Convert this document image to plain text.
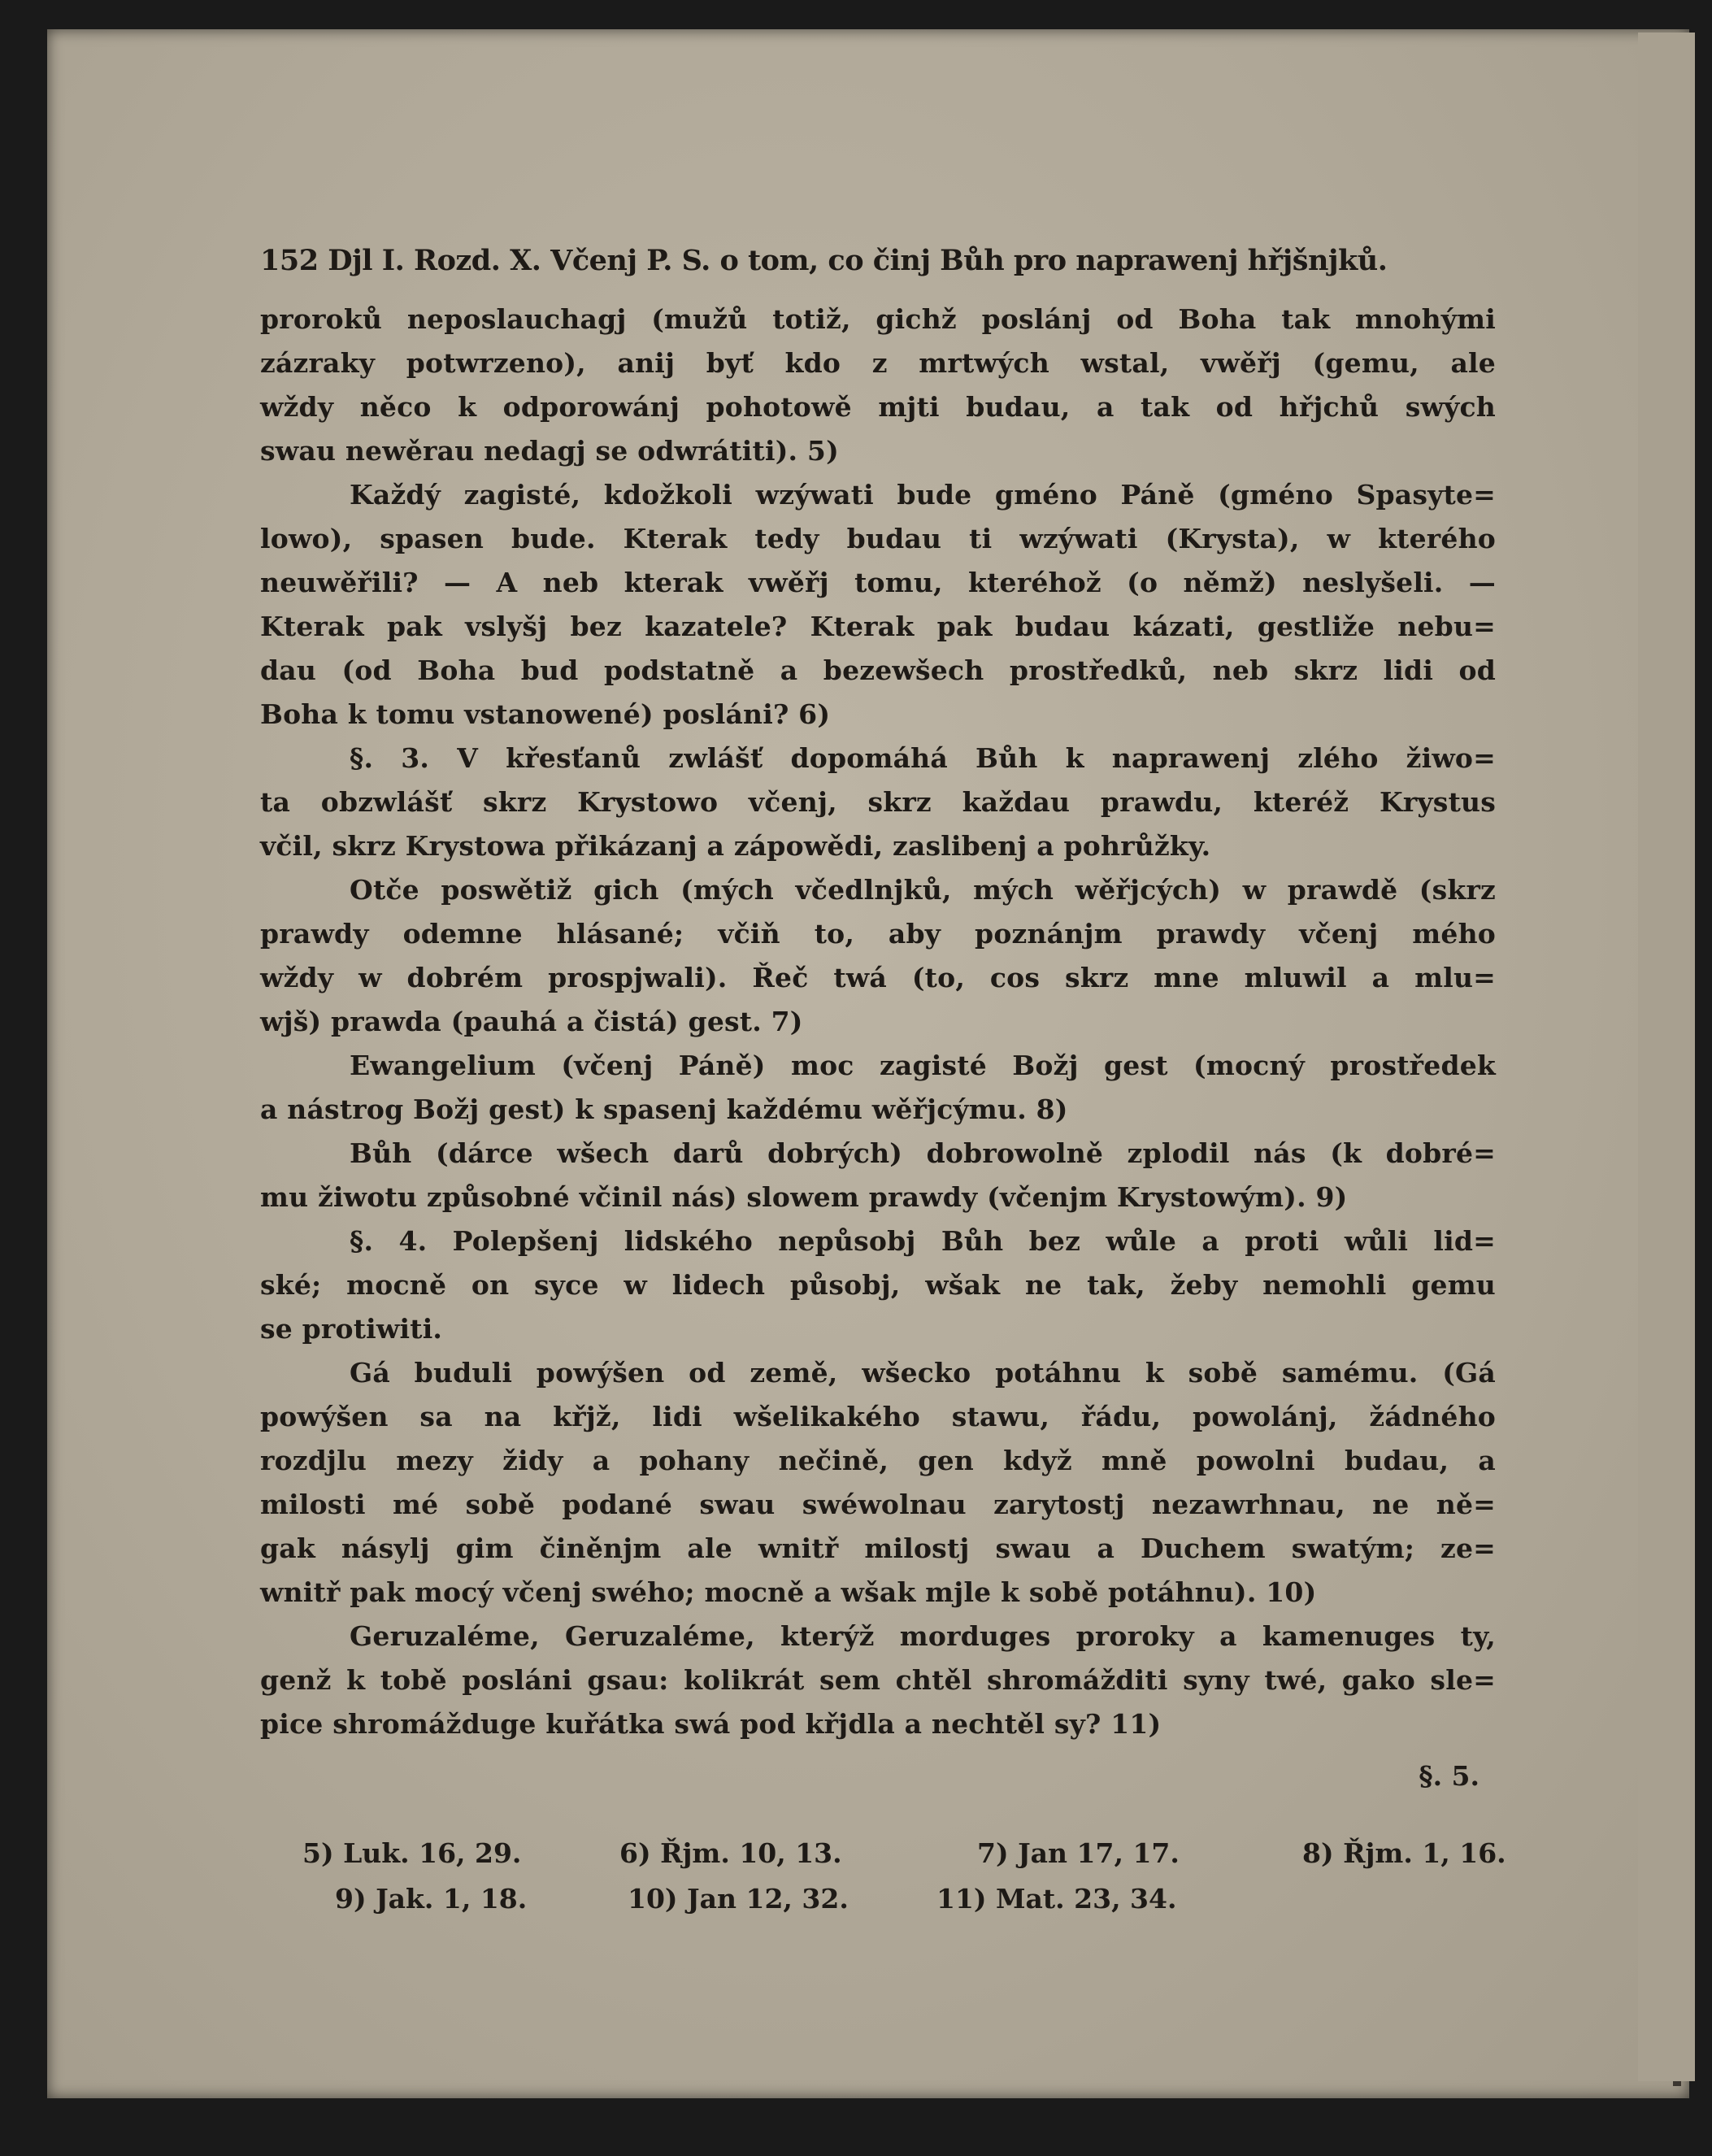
152 Djl I. Rozd. X. Včenj P. S. o tom, co činj Bůh pro naprawenj hřjšnjků.
proroků neposlauchagj (mužů totiž, gichž poslánj od Boha tak mnohými
zázraky potwrzeno), anij byť kdo z mrtwých wstal, vwěřj (gemu, ale
wždy něco k odporowánj pohotowě mjti budau, a tak od hřjchů swých
swau newěrau nedagj se odwrátiti). 5)
Každý zagisté, kdožkoli wzýwati bude gméno Páně (gméno Spasyte=
lowo), spasen bude. Kterak tedy budau ti wzýwati (Krysta), w kterého
neuwěřili? — A neb kterak vwěřj tomu, kteréhož (o němž) neslyšeli. —
Kterak pak vslyšj bez kazatele? Kterak pak budau kázati, gestliže nebu=
dau (od Boha bud podstatně a bezewšech prostředků, neb skrz lidi od
Boha k tomu vstanowené) posláni? 6)
§. 3. V křesťanů zwlášť dopomáhá Bůh k naprawenj zlého žiwo=
ta obzwlášť skrz Krystowo včenj, skrz každau prawdu, kteréž Krystus
včil, skrz Krystowa přikázanj a zápowědi, zaslibenj a pohrůžky.
Otče poswětiž gich (mých včedlnjků, mých wěřjcých) w prawdě (skrz
prawdy odemne hlásané; včiň to, aby poznánjm prawdy včenj mého
wždy w dobrém prospjwali). Řeč twá (to, cos skrz mne mluwil a mlu=
wjš) prawda (pauhá a čistá) gest. 7)
Ewangelium (včenj Páně) moc zagisté Božj gest (mocný prostředek
a nástrog Božj gest) k spasenj každému wěřjcýmu. 8)
Bůh (dárce wšech darů dobrých) dobrowolně zplodil nás (k dobré=
mu žiwotu způsobné včinil nás) slowem prawdy (včenjm Krystowým). 9)
§. 4. Polepšenj lidského nepůsobj Bůh bez wůle a proti wůli lid=
ské; mocně on syce w lidech působj, wšak ne tak, žeby nemohli gemu
se protiwiti.
Gá buduli powýšen od země, wšecko potáhnu k sobě samému. (Gá
powýšen sa na křjž, lidi wšelikakého stawu, řádu, powolánj, žádného
rozdjlu mezy židy a pohany nečině, gen když mně powolni budau, a
milosti mé sobě podané swau swéwolnau zarytostj nezawrhnau, ne ně=
gak násylj gim činěnjm ale wnitř milostj swau a Duchem swatým; ze=
wnitř pak mocý včenj swého; mocně a wšak mjle k sobě potáhnu). 10)
Geruzaléme, Geruzaléme, kterýž morduges proroky a kamenuges ty,
genž k tobě posláni gsau: kolikrát sem chtěl shromážditi syny twé, gako sle=
pice shromážduge kuřátka swá pod křjdla a nechtěl sy? 11)
§. 5.
5) Luk. 16, 29.	6) Řjm. 10, 13.	7) Jan 17, 17.	8) Řjm. 1, 16.
9) Jak. 1, 18.	10) Jan 12, 32.	11) Mat. 23, 34.
